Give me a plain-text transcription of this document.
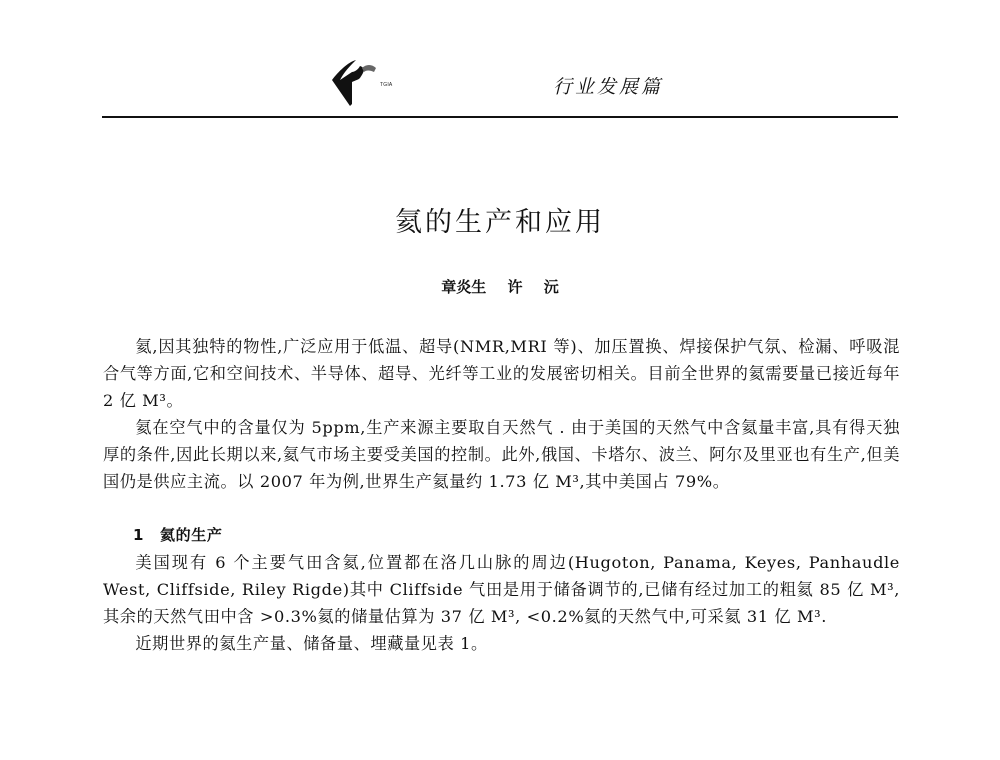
TGIA	行业发展篇
氦的生产和应用
章炎生 许 沅

氦,因其独特的物性,广泛应用于低温、超导(NMR,MRI 等)、加压置换、焊接保护气氛、检漏、呼吸混合气等方面,它和空间技术、半导体、超导、光纤等工业的发展密切相关。目前全世界的氦需要量已接近每年 2 亿 M³。

氦在空气中的含量仅为 5ppm,生产来源主要取自天然气 . 由于美国的天然气中含氦量丰富,具有得天独厚的条件,因此长期以来,氦气市场主要受美国的控制。此外,俄国、卡塔尔、波兰、阿尔及里亚也有生产,但美国仍是供应主流。以 2007 年为例,世界生产氦量约 1.73 亿 M³,其中美国占 79%。

1 氦的生产

美国现有 6 个主要气田含氦,位置都在洛几山脉的周边(Hugoton, Panama, Keyes, Panhaudle West, Cliffside, Riley Rigde)其中 Cliffside 气田是用于储备调节的,已储有经过加工的粗氦 85 亿 M³,其余的天然气田中含 >0.3%氦的储量估算为 37 亿 M³, <0.2%氦的天然气中,可采氦 31 亿 M³.

近期世界的氦生产量、储备量、埋藏量见表 1。
